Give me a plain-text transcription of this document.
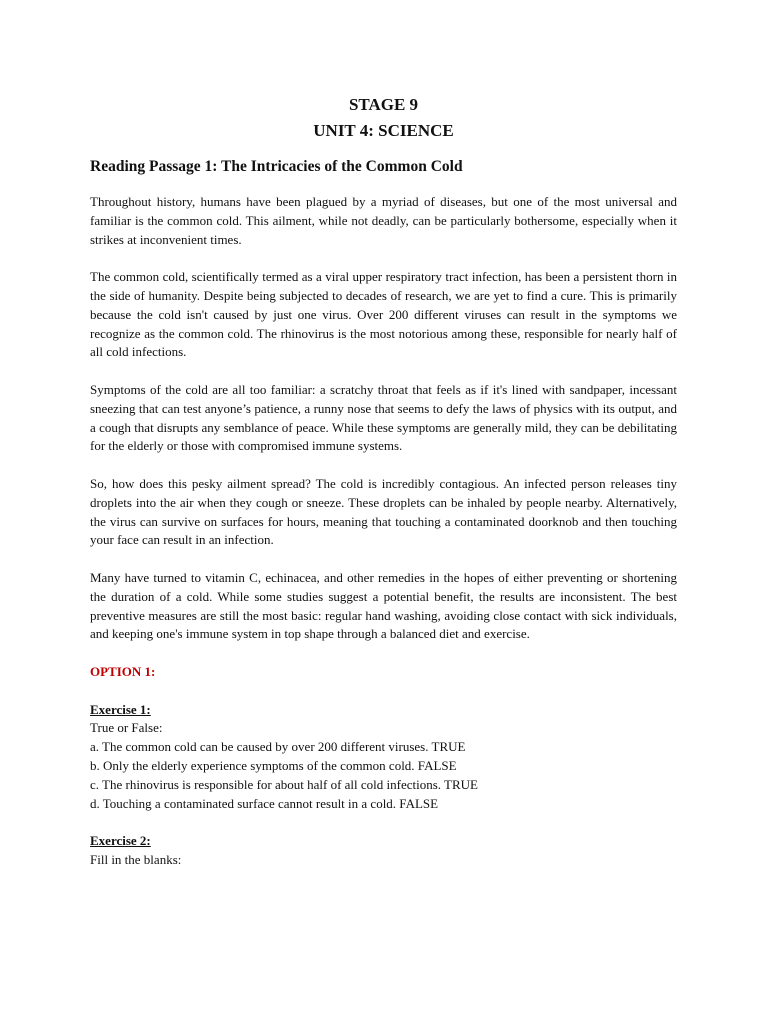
STAGE 9

UNIT 4: SCIENCE

Reading Passage 1: The Intricacies of the Common Cold

Throughout history, humans have been plagued by a myriad of diseases, but one of the most universal and familiar is the common cold. This ailment, while not deadly, can be particularly bothersome, especially when it strikes at inconvenient times.

The common cold, scientifically termed as a viral upper respiratory tract infection, has been a persistent thorn in the side of humanity. Despite being subjected to decades of research, we are yet to find a cure. This is primarily because the cold isn't caused by just one virus. Over 200 different viruses can result in the symptoms we recognize as the common cold. The rhinovirus is the most notorious among these, responsible for nearly half of all cold infections.

Symptoms of the cold are all too familiar: a scratchy throat that feels as if it's lined with sandpaper, incessant sneezing that can test anyone’s patience, a runny nose that seems to defy the laws of physics with its output, and a cough that disrupts any semblance of peace. While these symptoms are generally mild, they can be debilitating for the elderly or those with compromised immune systems.

So, how does this pesky ailment spread? The cold is incredibly contagious. An infected person releases tiny droplets into the air when they cough or sneeze. These droplets can be inhaled by people nearby. Alternatively, the virus can survive on surfaces for hours, meaning that touching a contaminated doorknob and then touching your face can result in an infection.

Many have turned to vitamin C, echinacea, and other remedies in the hopes of either preventing or shortening the duration of a cold. While some studies suggest a potential benefit, the results are inconsistent. The best preventive measures are still the most basic: regular hand washing, avoiding close contact with sick individuals, and keeping one's immune system in top shape through a balanced diet and exercise.

OPTION 1:

Exercise 1:
True or False:
a. The common cold can be caused by over 200 different viruses. TRUE
b. Only the elderly experience symptoms of the common cold. FALSE
c. The rhinovirus is responsible for about half of all cold infections. TRUE
d. Touching a contaminated surface cannot result in a cold. FALSE
Exercise 2:
Fill in the blanks:
